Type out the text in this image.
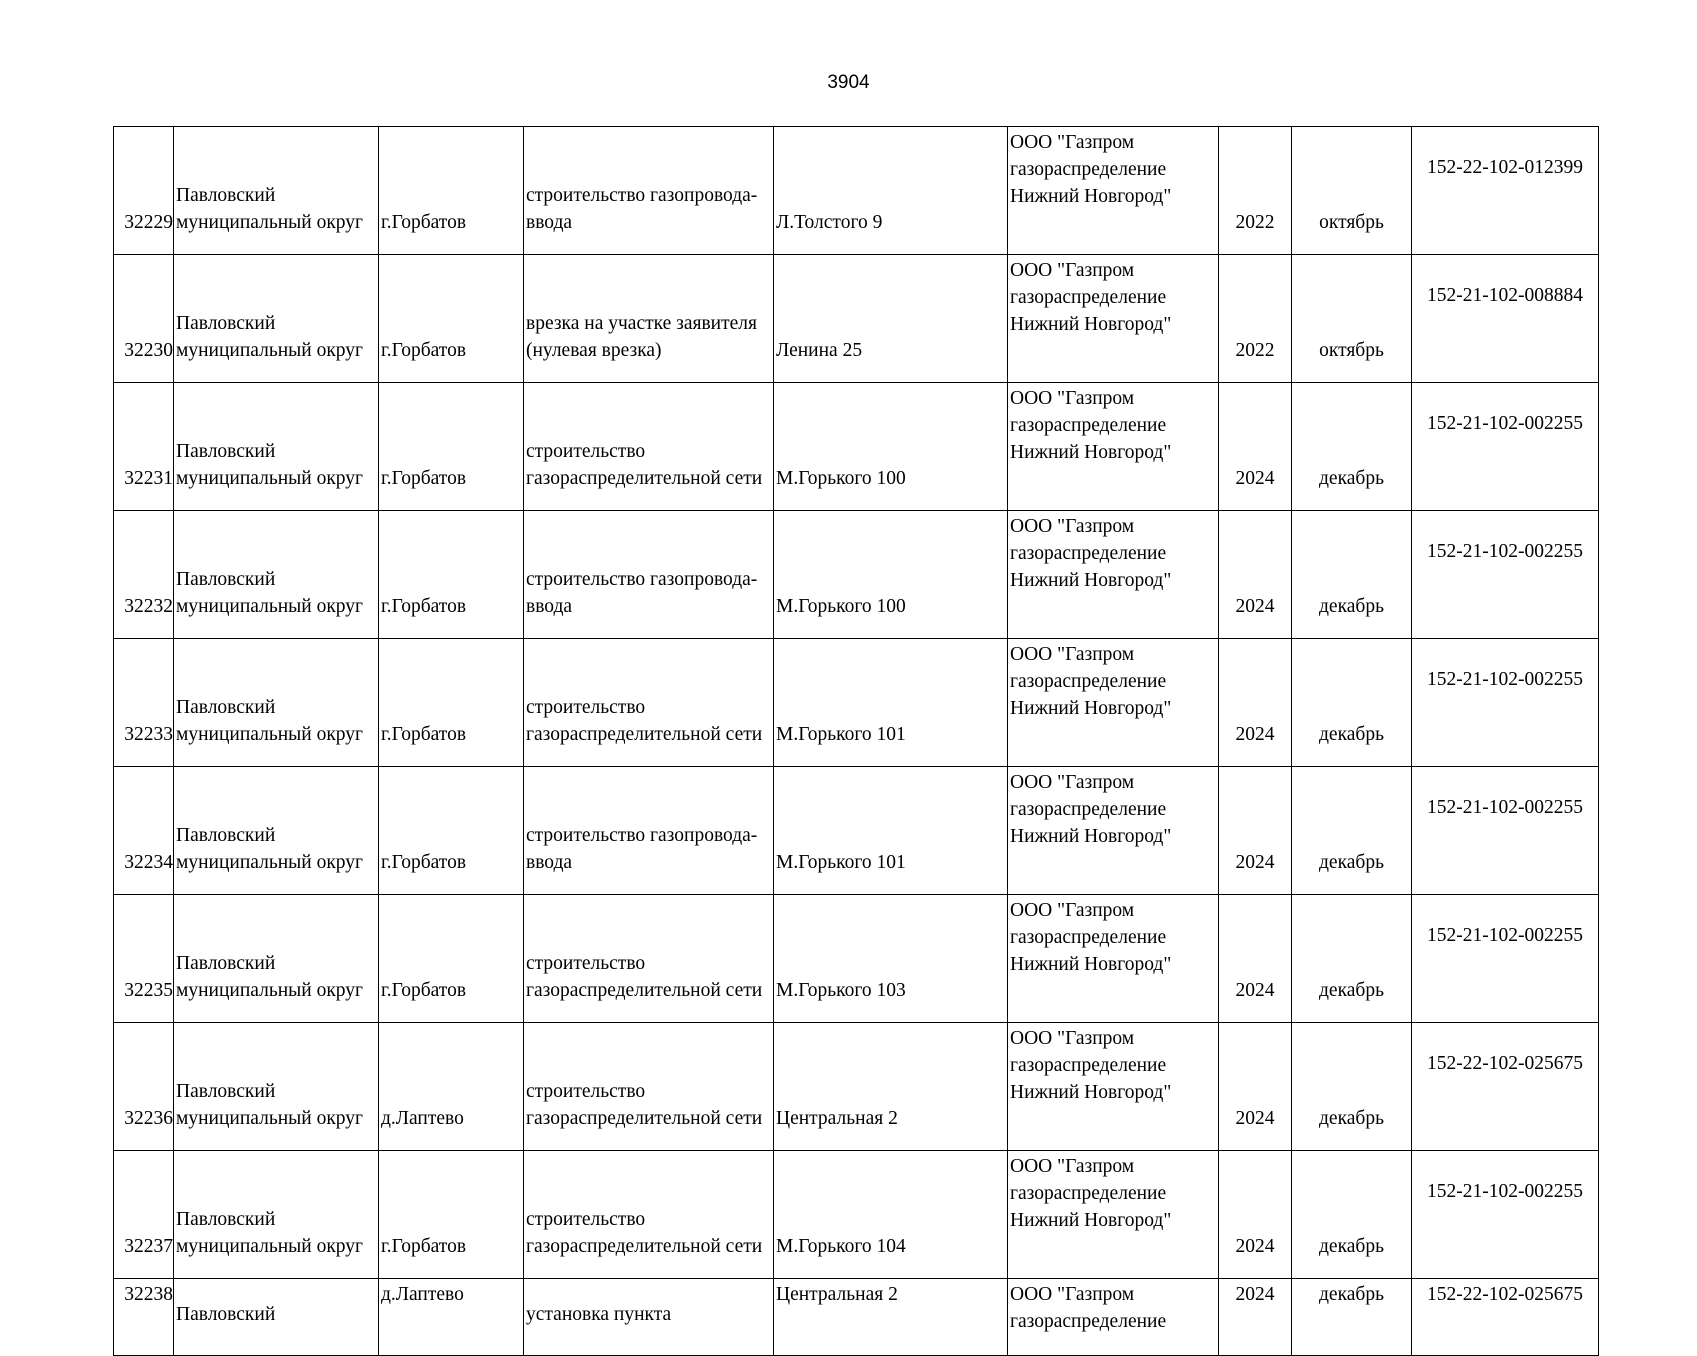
3904
32229	Павловский
муниципальный округ	г.Горбатов	строительство газопровода-
ввода	Л.Толстого 9	ООО "Газпром
газораспределение
Нижний Новгород"	2022	октябрь	152-22-102-012399

32230	Павловский
муниципальный округ	г.Горбатов	врезка на участке заявителя
(нулевая врезка)	Ленина 25	ООО "Газпром
газораспределение
Нижний Новгород"	2022	октябрь	152-21-102-008884

32231	Павловский
муниципальный округ	г.Горбатов	строительство
газораспределительной сети	М.Горького 100	ООО "Газпром
газораспределение
Нижний Новгород"	2024	декабрь	152-21-102-002255

32232	Павловский
муниципальный округ	г.Горбатов	строительство газопровода-
ввода	М.Горького 100	ООО "Газпром
газораспределение
Нижний Новгород"	2024	декабрь	152-21-102-002255

32233	Павловский
муниципальный округ	г.Горбатов	строительство
газораспределительной сети	М.Горького 101	ООО "Газпром
газораспределение
Нижний Новгород"	2024	декабрь	152-21-102-002255

32234	Павловский
муниципальный округ	г.Горбатов	строительство газопровода-
ввода	М.Горького 101	ООО "Газпром
газораспределение
Нижний Новгород"	2024	декабрь	152-21-102-002255

32235	Павловский
муниципальный округ	г.Горбатов	строительство
газораспределительной сети	М.Горького 103	ООО "Газпром
газораспределение
Нижний Новгород"	2024	декабрь	152-21-102-002255

32236	Павловский
муниципальный округ	д.Лаптево	строительство
газораспределительной сети	Центральная 2	ООО "Газпром
газораспределение
Нижний Новгород"	2024	декабрь	152-22-102-025675

32237	Павловский
муниципальный округ	г.Горбатов	строительство
газораспределительной сети	М.Горького 104	ООО "Газпром
газораспределение
Нижний Новгород"	2024	декабрь	152-21-102-002255

32238	Павловский	д.Лаптево	установка пункта	Центральная 2	ООО "Газпром
газораспределение	2024	декабрь	152-22-102-025675
